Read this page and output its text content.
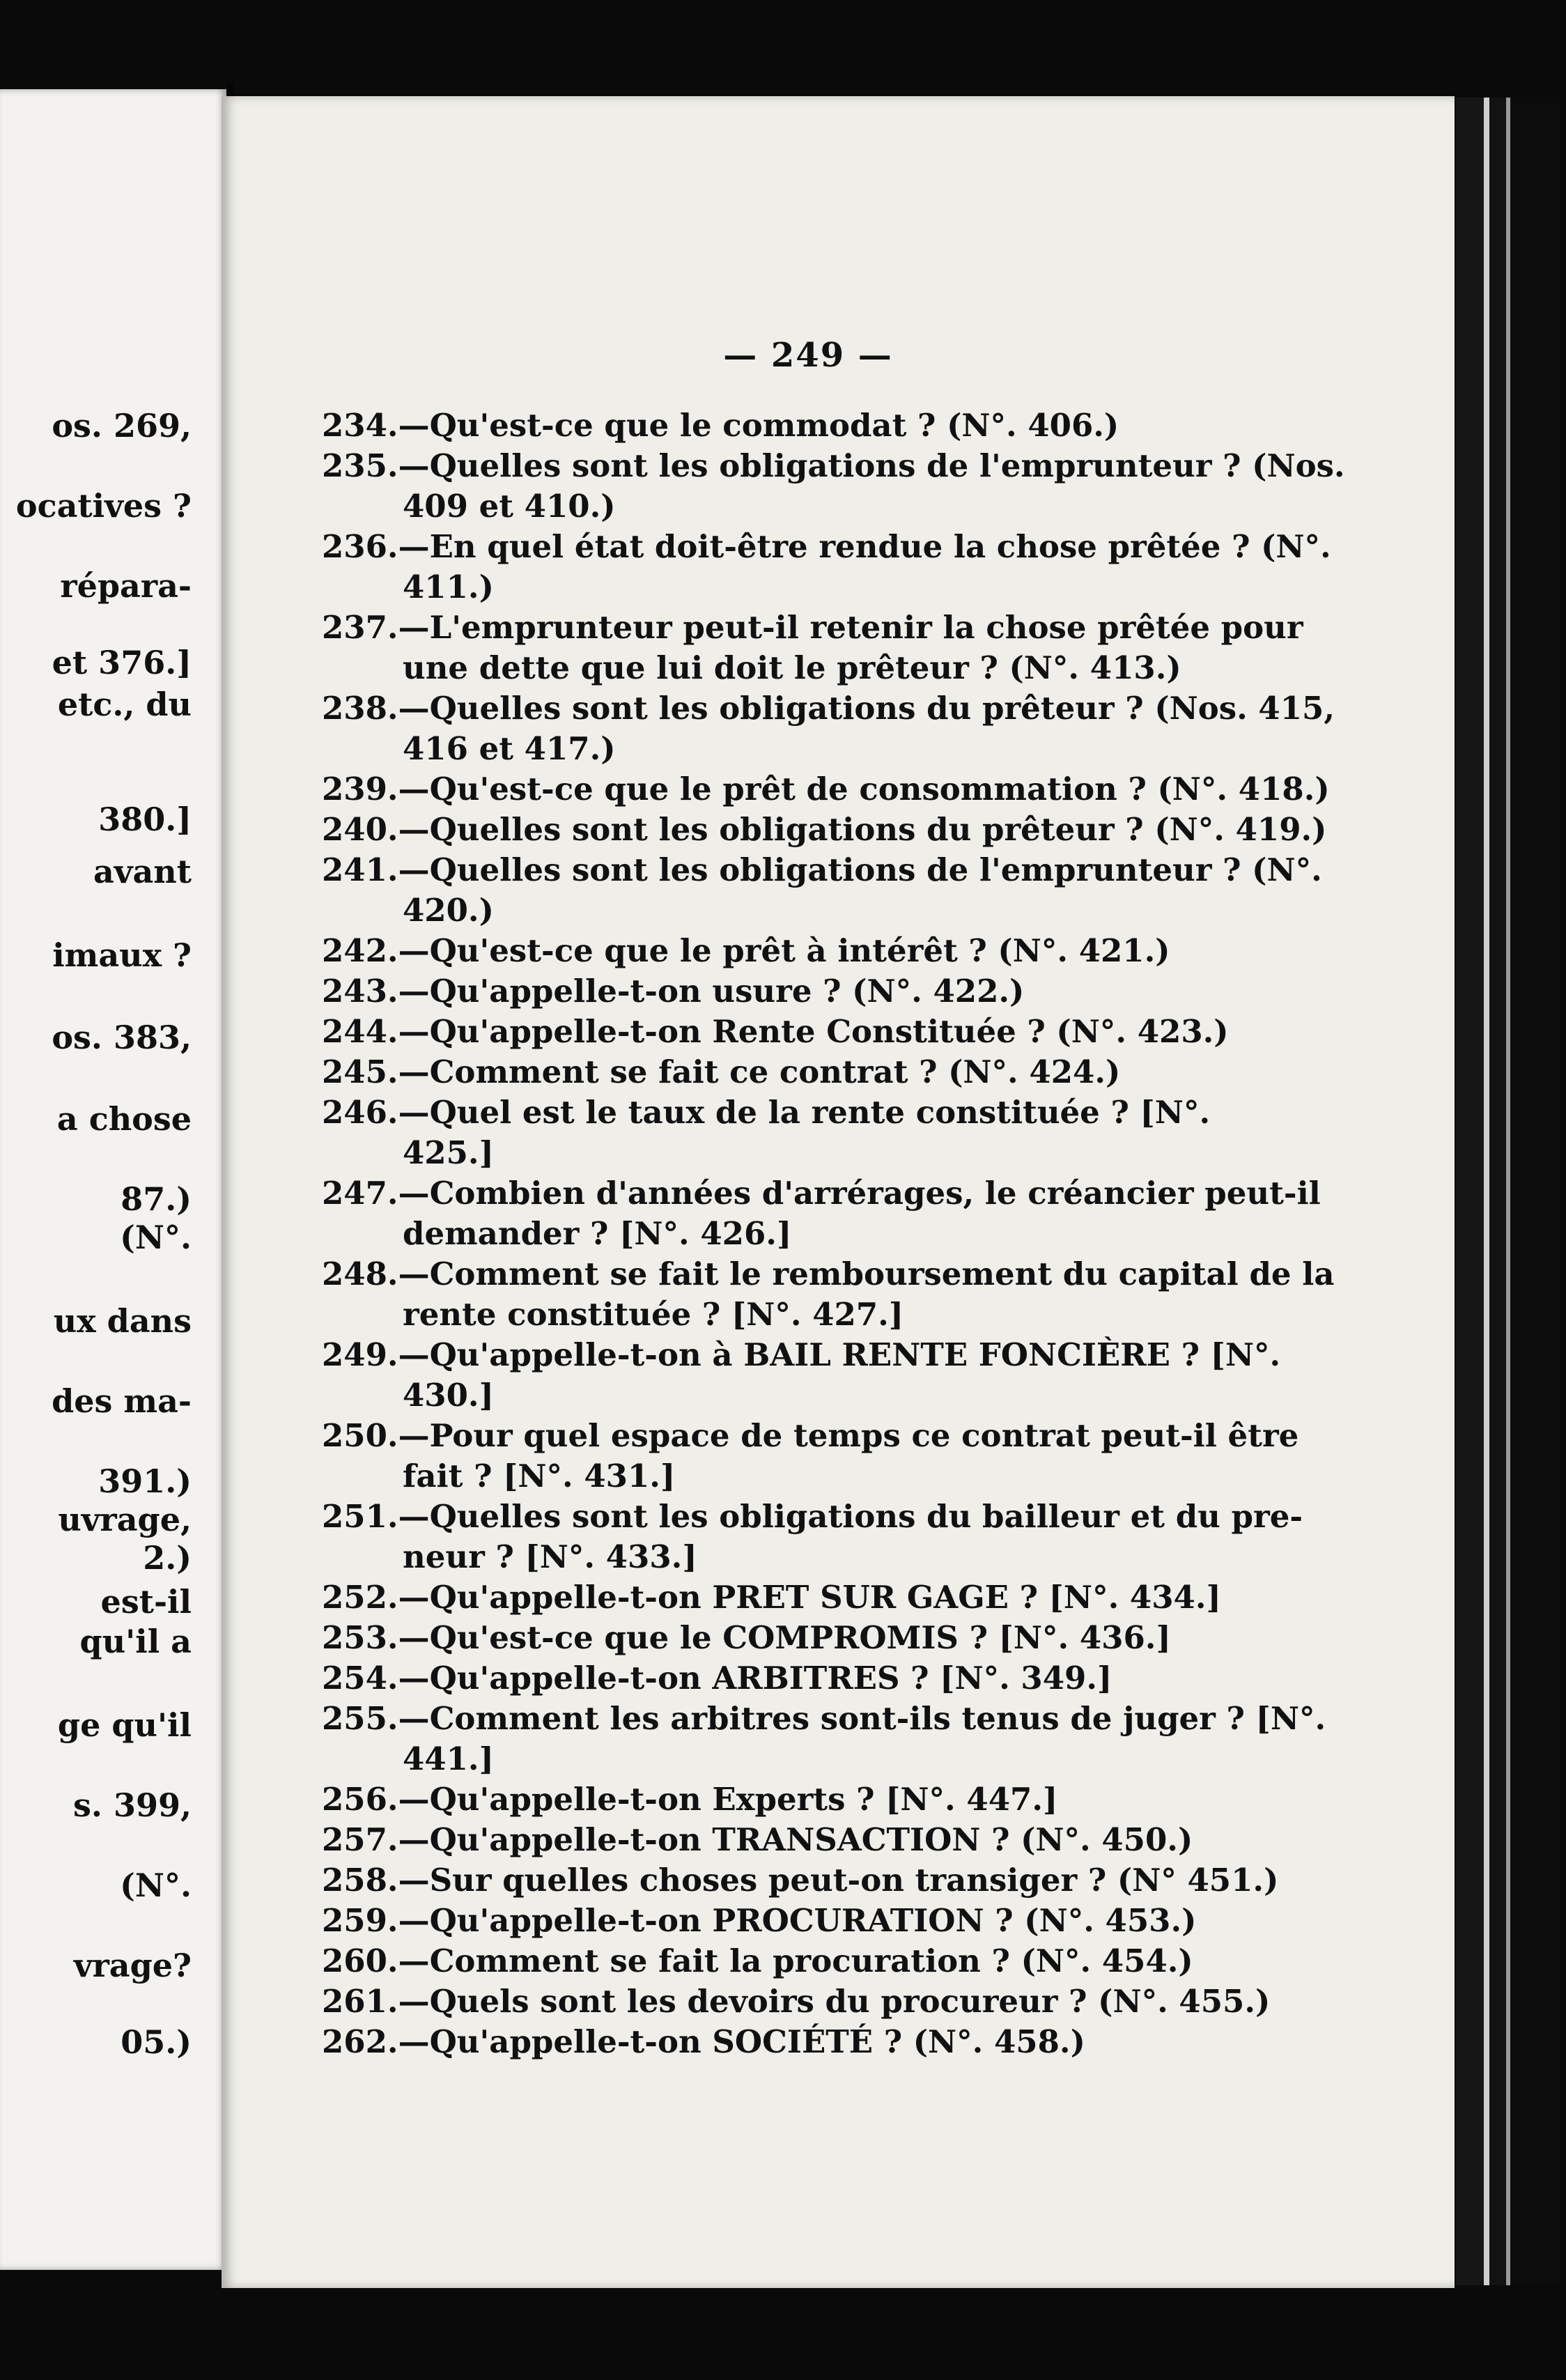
os. 269,
ocatives ?
réparа-
et 376.]
etc., du
380.]
avant
imaux ?
os. 383,
a chose
87.)
(N°.
ux dans
des ma-
391.)
uvrage,
2.)
est-il
qu'il a
ge qu'il
s. 399,
(N°.
vrage?
05.)
— 249 —
234.—Qu'est-ce que le commodat ? (N°. 406.)
235.—Quelles sont les obligations de l'emprunteur ? (Nos.
409 et 410.)
236.—En quel état doit-être rendue la chose prêtée ? (N°.
411.)
237.—L'emprunteur peut-il retenir la chose prêtée pour
une dette que lui doit le prêteur ? (N°. 413.)
238.—Quelles sont les obligations du prêteur ? (Nos. 415,
416 et 417.)
239.—Qu'est-ce que le prêt de consommation ? (N°. 418.)
240.—Quelles sont les obligations du prêteur ? (N°. 419.)
241.—Quelles sont les obligations de l'emprunteur ? (N°.
420.)
242.—Qu'est-ce que le prêt à intérêt ? (N°. 421.)
243.—Qu'appelle-t-on usure ? (N°. 422.)
244.—Qu'appelle-t-on Rente Constituée ? (N°. 423.)
245.—Comment se fait ce contrat ? (N°. 424.)
246.—Quel est le taux de la rente constituée ? [N°.
425.]
247.—Combien d'années d'arrérages, le créancier peut-il
demander ? [N°. 426.]
248.—Comment se fait le remboursement du capital de la
rente constituée ? [N°. 427.]
249.—Qu'appelle-t-on à BAIL RENTE FONCIÈRE ? [N°.
430.]
250.—Pour quel espace de temps ce contrat peut-il être
fait ? [N°. 431.]
251.—Quelles sont les obligations du bailleur et du pre-
neur ? [N°. 433.]
252.—Qu'appelle-t-on PRET SUR GAGE ? [N°. 434.]
253.—Qu'est-ce que le COMPROMIS ? [N°. 436.]
254.—Qu'appelle-t-on ARBITRES ? [N°. 349.]
255.—Comment les arbitres sont-ils tenus de juger ? [N°.
441.]
256.—Qu'appelle-t-on Experts ? [N°. 447.]
257.—Qu'appelle-t-on TRANSACTION ? (N°. 450.)
258.—Sur quelles choses peut-on transiger ? (N° 451.)
259.—Qu'appelle-t-on PROCURATION ? (N°. 453.)
260.—Comment se fait la procuration ? (N°. 454.)
261.—Quels sont les devoirs du procureur ? (N°. 455.)
262.—Qu'appelle-t-on SOCIÉTÉ ? (N°. 458.)
